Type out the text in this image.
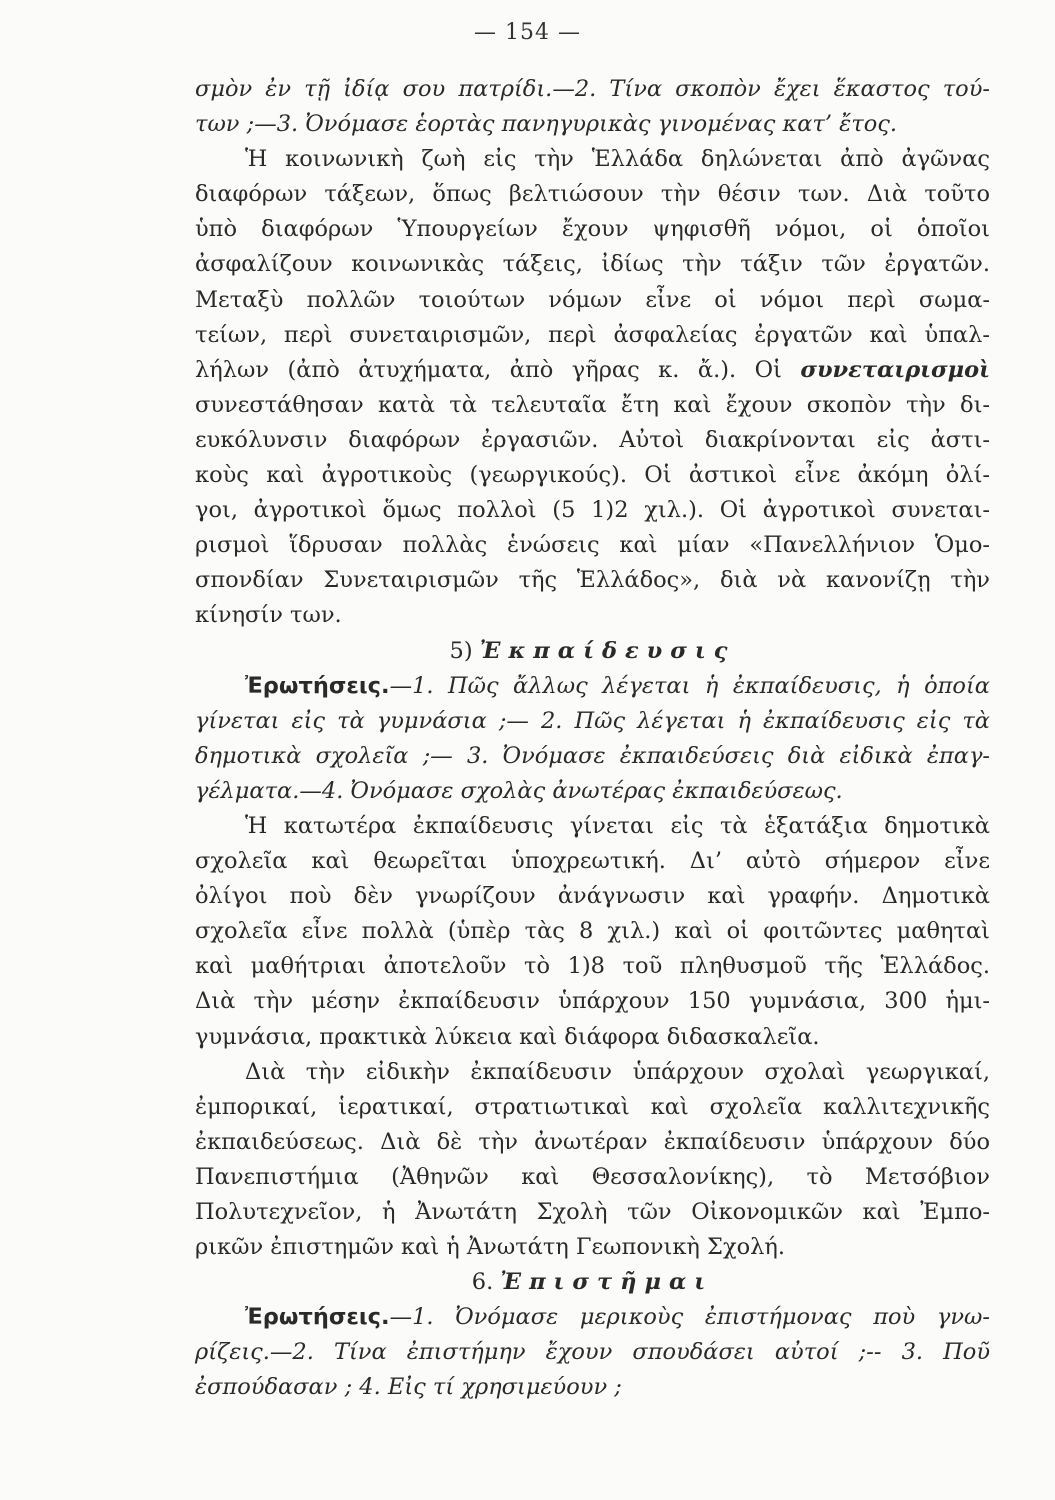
— 154 —
σμὸν ἐν τῇ ἰδίᾳ σου πατρίδι.—2. Τίνα σκοπὸν ἔχει ἕκαστος τού-
των ;—3. Ὀνόμασε ἑορτὰς πανηγυρικὰς γινομένας κατ’ ἔτος.
Ἡ κοινωνικὴ ζωὴ εἰς τὴν Ἑλλάδα δηλώνεται ἀπὸ ἀγῶνας
διαφόρων τάξεων, ὅπως βελτιώσουν τὴν θέσιν των. Διὰ τοῦτο
ὑπὸ διαφόρων Ὑπουργείων ἔχουν ψηφισθῆ νόμοι, οἱ ὁποῖοι
ἀσφαλίζουν κοινωνικὰς τάξεις, ἰδίως τὴν τάξιν τῶν ἐργατῶν.
Μεταξὺ πολλῶν τοιούτων νόμων εἶνε οἱ νόμοι περὶ σωμα-
τείων, περὶ συνεταιρισμῶν, περὶ ἀσφαλείας ἐργατῶν καὶ ὑπαλ-
λήλων (ἀπὸ ἀτυχήματα, ἀπὸ γῆρας κ. ἄ.). Οἱ συνεταιρισμοὶ
συνεστάθησαν κατὰ τὰ τελευταῖα ἔτη καὶ ἔχουν σκοπὸν τὴν δι-
ευκόλυνσιν διαφόρων ἐργασιῶν. Αὐτοὶ διακρίνονται εἰς ἀστι-
κοὺς καὶ ἀγροτικοὺς (γεωργικούς). Οἱ ἀστικοὶ εἶνε ἀκόμη ὀλί-
γοι, ἀγροτικοὶ ὅμως πολλοὶ (5 1)2 χιλ.). Οἱ ἀγροτικοὶ συνεται-
ρισμοὶ ἵδρυσαν πολλὰς ἑνώσεις καὶ μίαν «Πανελλήνιον Ὁμο-
σπονδίαν Συνεταιρισμῶν τῆς Ἑλλάδος», διὰ νὰ κανονίζῃ τὴν
κίνησίν των.
5) Ἐκπαίδευσις
Ἐρωτήσεις.—1. Πῶς ἄλλως λέγεται ἡ ἐκπαίδευσις, ἡ ὁποία
γίνεται εἰς τὰ γυμνάσια ;— 2. Πῶς λέγεται ἡ ἐκπαίδευσις εἰς τὰ
δημοτικὰ σχολεῖα ;— 3. Ὀνόμασε ἐκπαιδεύσεις διὰ εἰδικὰ ἐπαγ-
γέλματα.—4. Ὀνόμασε σχολὰς ἀνωτέρας ἐκπαιδεύσεως.
Ἡ κατωτέρα ἐκπαίδευσις γίνεται εἰς τὰ ἑξατάξια δημοτικὰ
σχολεῖα καὶ θεωρεῖται ὑποχρεωτική. Δι’ αὐτὸ σήμερον εἶνε
ὀλίγοι ποὺ δὲν γνωρίζουν ἀνάγνωσιν καὶ γραφήν. Δημοτικὰ
σχολεῖα εἶνε πολλὰ (ὑπὲρ τὰς 8 χιλ.) καὶ οἱ φοιτῶντες μαθηταὶ
καὶ μαθήτριαι ἀποτελοῦν τὸ 1)8 τοῦ πληθυσμοῦ τῆς Ἑλλάδος.
Διὰ τὴν μέσην ἐκπαίδευσιν ὑπάρχουν 150 γυμνάσια, 300 ἡμι-
γυμνάσια, πρακτικὰ λύκεια καὶ διάφορα διδασκαλεῖα.
Διὰ τὴν εἰδικὴν ἐκπαίδευσιν ὑπάρχουν σχολαὶ γεωργικαί,
ἐμπορικαί, ἱερατικαί, στρατιωτικαὶ καὶ σχολεῖα καλλιτεχνικῆς
ἐκπαιδεύσεως. Διὰ δὲ τὴν ἀνωτέραν ἐκπαίδευσιν ὑπάρχουν δύο
Πανεπιστήμια (Ἀθηνῶν καὶ Θεσσαλονίκης), τὸ Μετσόβιον
Πολυτεχνεῖον, ἡ Ἀνωτάτη Σχολὴ τῶν Οἰκονομικῶν καὶ Ἐμπο-
ρικῶν ἐπιστημῶν καὶ ἡ Ἀνωτάτη Γεωπονικὴ Σχολή.
6. Ἐπιστῆμαι
Ἐρωτήσεις.—1. Ὀνόμασε μερικοὺς ἐπιστήμονας ποὺ γνω-
ρίζεις.—2. Τίνα ἐπιστήμην ἔχουν σπουδάσει αὐτοί ;-- 3. Ποῦ
ἐσπούδασαν ; 4. Εἰς τί χρησιμεύουν ;
